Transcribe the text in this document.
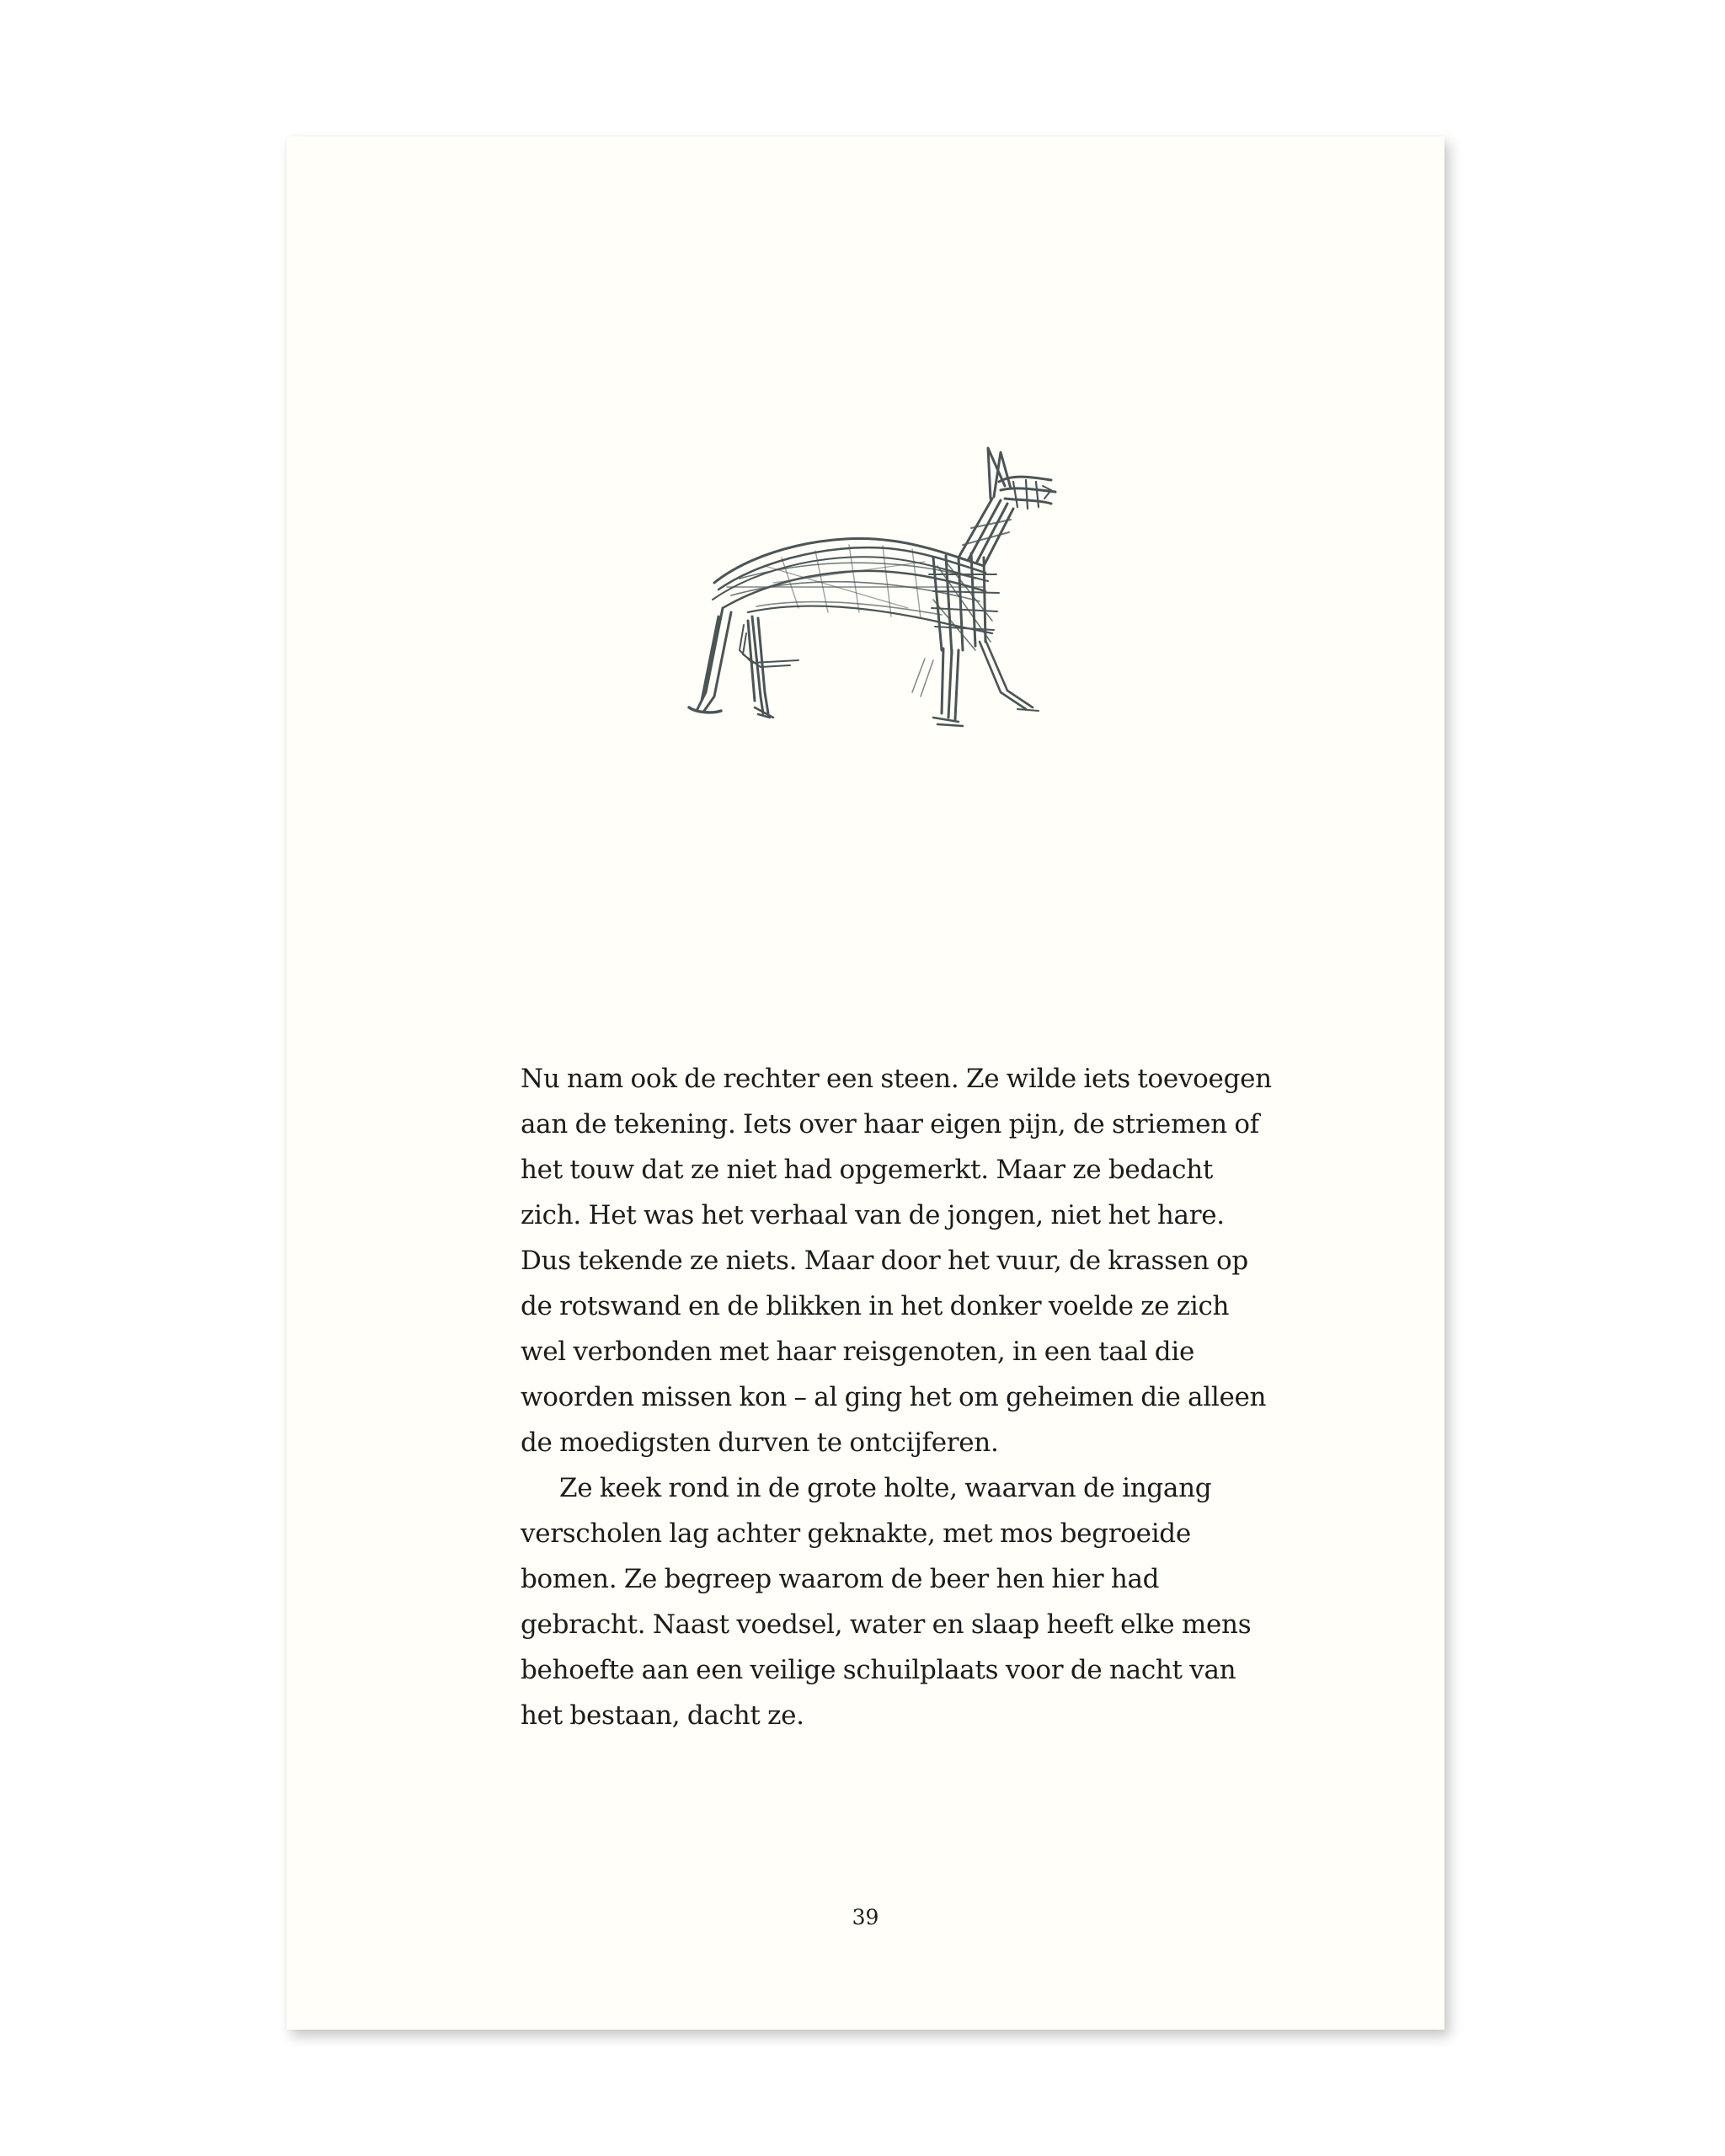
Nu nam ook de rechter een steen. Ze wilde iets toevoegen aan de tekening. Iets over haar eigen pijn, de striemen of het touw dat ze niet had opgemerkt. Maar ze bedacht zich. Het was het verhaal van de jongen, niet het hare. Dus tekende ze niets. Maar door het vuur, de krassen op de rotswand en de blikken in het donker voelde ze zich wel verbonden met haar reisgenoten, in een taal die woorden missen kon – al ging het om geheimen die alleen de moedigsten durven te ontcijferen.

Ze keek rond in de grote holte, waarvan de ingang verscholen lag achter geknakte, met mos begroeide bomen. Ze begreep waarom de beer hen hier had gebracht. Naast voedsel, water en slaap heeft elke mens behoefte aan een veilige schuilplaats voor de nacht van het bestaan, dacht ze.

39
